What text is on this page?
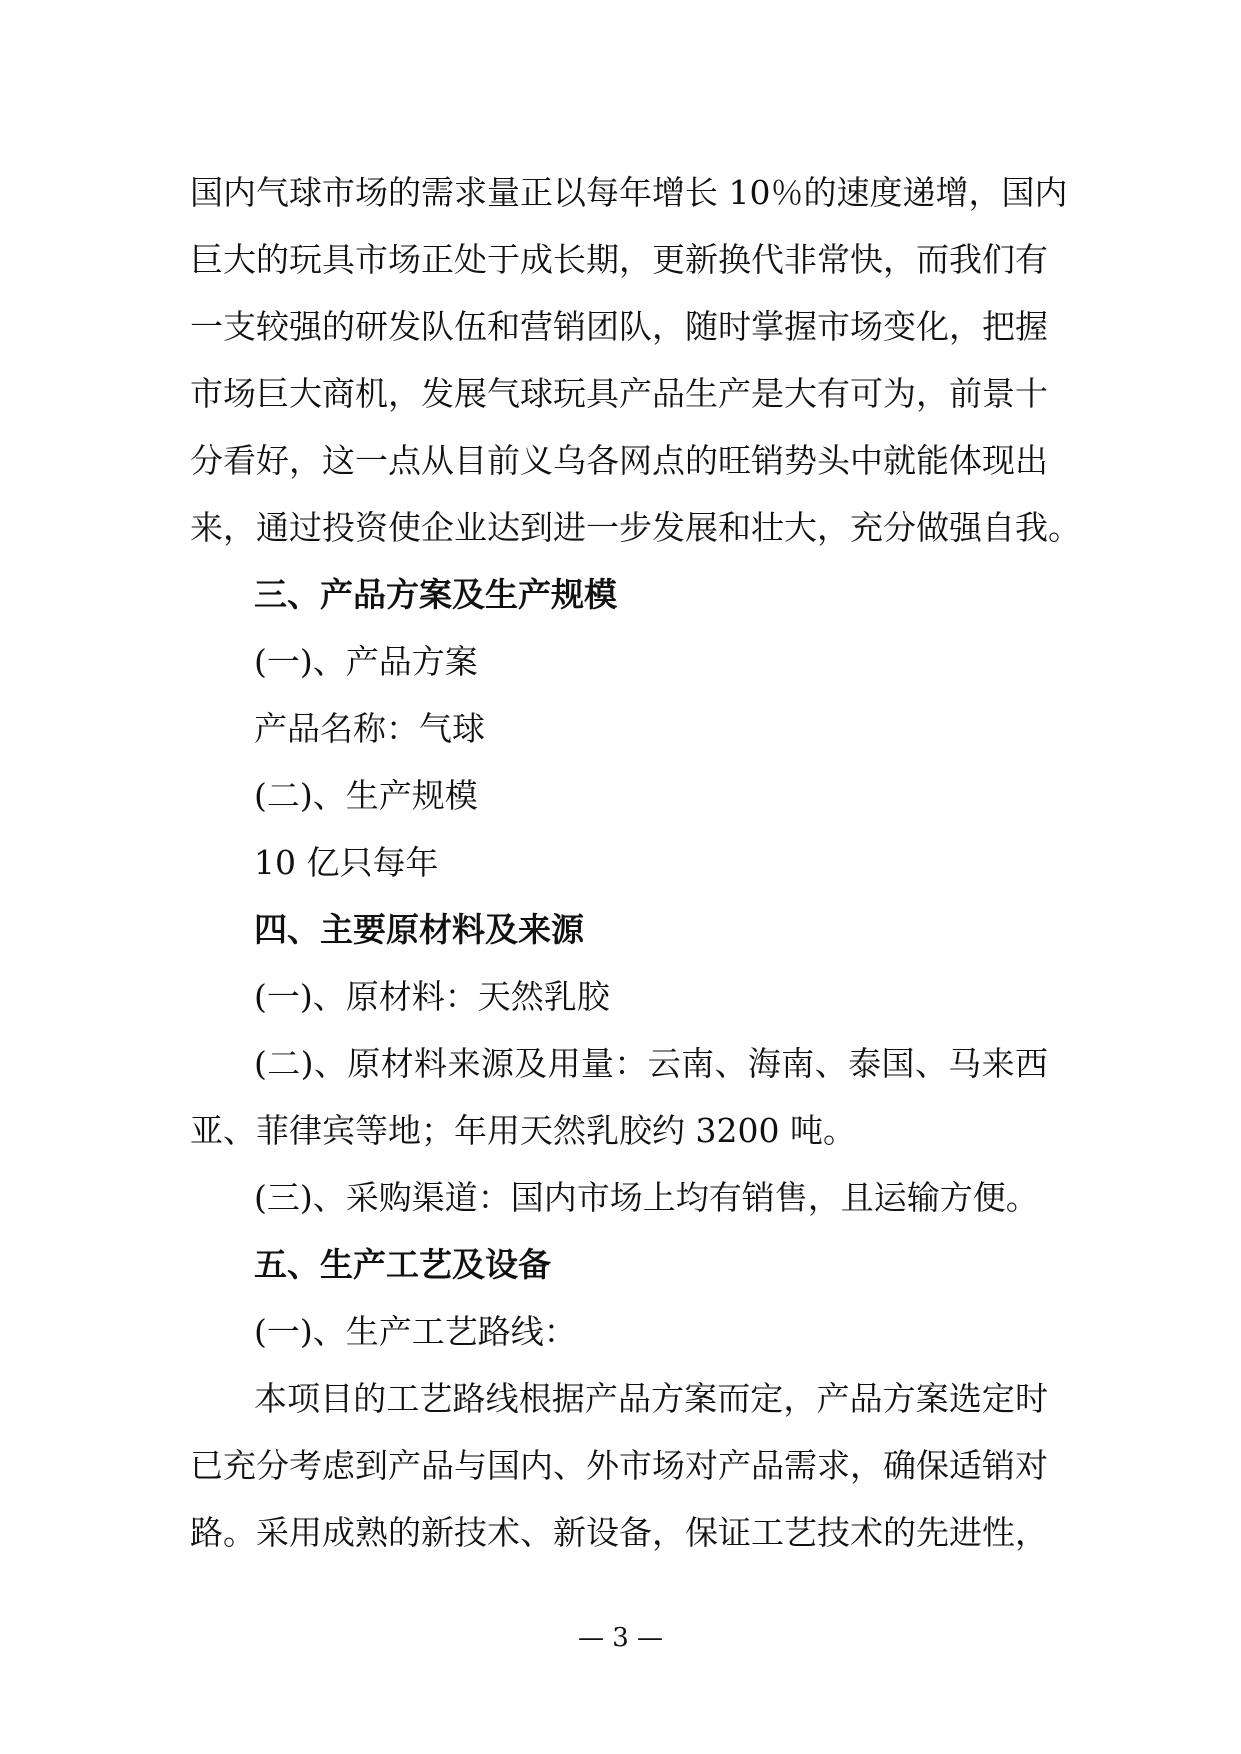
国内气球市场的需求量正以每年增长 10％的速度递增，国内
巨大的玩具市场正处于成长期，更新换代非常快，而我们有
一支较强的研发队伍和营销团队，随时掌握市场变化，把握
市场巨大商机，发展气球玩具产品生产是大有可为，前景十
分看好，这一点从目前义乌各网点的旺销势头中就能体现出
来，通过投资使企业达到进一步发展和壮大，充分做强自我。
三、产品方案及生产规模
(一)、产品方案
产品名称：气球
(二)、生产规模
10 亿只每年
四、主要原材料及来源
(一)、原材料：天然乳胶
(二)、原材料来源及用量：云南、海南、泰国、马来西
亚、菲律宾等地；年用天然乳胶约 3200 吨。
(三)、采购渠道：国内市场上均有销售，且运输方便。
五、生产工艺及设备
(一)、生产工艺路线：
本项目的工艺路线根据产品方案而定，产品方案选定时
已充分考虑到产品与国内、外市场对产品需求，确保适销对
路。采用成熟的新技术、新设备，保证工艺技术的先进性，
— 3 —
